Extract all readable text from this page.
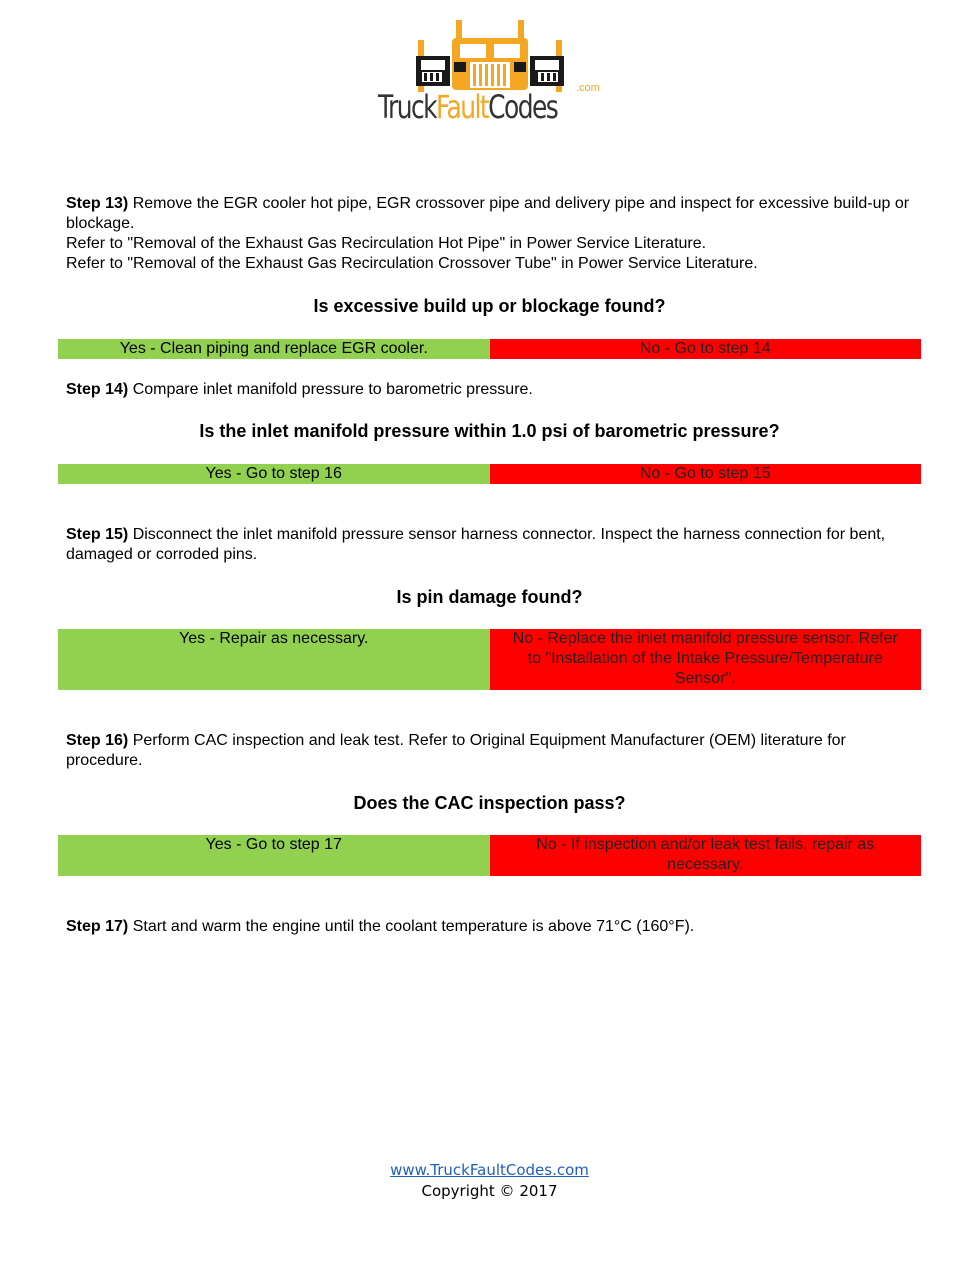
TruckFaultCodes .com
Step 13) Remove the EGR cooler hot pipe, EGR crossover pipe and delivery pipe and inspect for excessive build-up or blockage.
Refer to "Removal of the Exhaust Gas Recirculation Hot Pipe" in Power Service Literature.
Refer to "Removal of the Exhaust Gas Recirculation Crossover Tube" in Power Service Literature.
Is excessive build up or blockage found?
Yes - Clean piping and replace EGR cooler.	No - Go to step 14
Step 14) Compare inlet manifold pressure to barometric pressure.
Is the inlet manifold pressure within 1.0 psi of barometric pressure?
Yes - Go to step 16	No - Go to step 15
Step 15) Disconnect the inlet manifold pressure sensor harness connector. Inspect the harness connection for bent, damaged or corroded pins.
Is pin damage found?
Yes - Repair as necessary.	No - Replace the inlet manifold pressure sensor. Refer to "Installation of the Intake Pressure/Temperature Sensor".
Step 16) Perform CAC inspection and leak test. Refer to Original Equipment Manufacturer (OEM) literature for procedure.
Does the CAC inspection pass?
Yes - Go to step 17	No - If inspection and/or leak test fails, repair as necessary.
Step 17) Start and warm the engine until the coolant temperature is above 71°C (160°F).
www.TruckFaultCodes.com
Copyright © 2017
